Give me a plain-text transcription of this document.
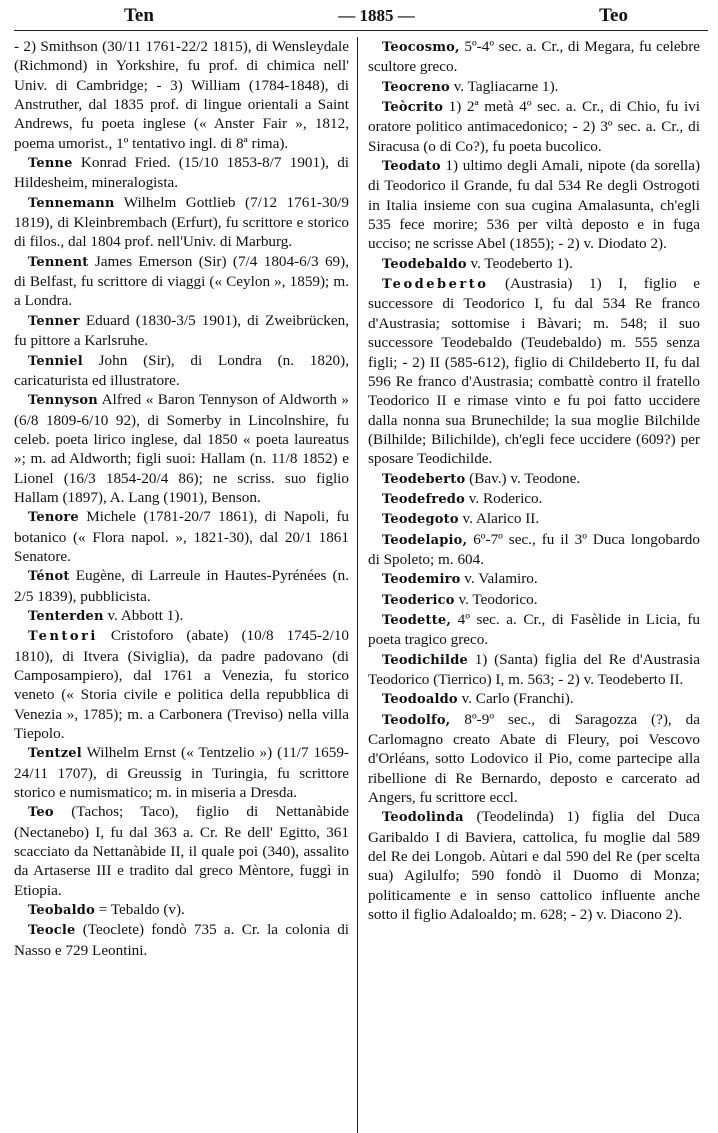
Ten	— 1885 —	Teo

- 2) Smithson (30/11 1761-22/2 1815), di Wensleydale (Richmond) in Yorkshire, fu prof. di chimica nell' Univ. di Cambridge; - 3) William (1784-1848), di Anstruther, dal 1835 prof. di lingue orientali a Saint Andrews, fu poeta inglese (« Anster Fair », 1812, poema umorist., 1º tentativo ingl. di 8ª rima).

Tenne Konrad Fried. (15/10 1853-8/7 1901), di Hildesheim, mineralogista.

Tennemann Wilhelm Gottlieb (7/12 1761-30/9 1819), di Kleinbrembach (Erfurt), fu scrittore e storico di filos., dal 1804 prof. nell'Univ. di Marburg.

Tennent James Emerson (Sir) (7/4 1804-6/3 69), di Belfast, fu scrittore di viaggi (« Ceylon », 1859); m. a Londra.

Tenner Eduard (1830-3/5 1901), di Zweibrücken, fu pittore a Karlsruhe.

Tenniel John (Sir), di Londra (n. 1820), caricaturista ed illustratore.

Tennyson Alfred « Baron Tennyson of Aldworth » (6/8 1809-6/10 92), di Somerby in Lincolnshire, fu celeb. poeta lirico inglese, dal 1850 « poeta laureatus »; m. ad Aldworth; figli suoi: Hallam (n. 11/8 1852) e Lionel (16/3 1854-20/4 86); ne scriss. suo figlio Hallam (1897), A. Lang (1901), Benson.

Tenore Michele (1781-20/7 1861), di Napoli, fu botanico (« Flora napol. », 1821-30), dal 20/1 1861 Senatore.

Ténot Eugène, di Larreule in Hautes-Pyrénées (n. 2/5 1839), pubblicista.

Tenterden v. Abbott 1).

Tentori Cristoforo (abate) (10/8 1745-2/10 1810), di Itvera (Siviglia), da padre padovano (di Camposampiero), dal 1761 a Venezia, fu storico veneto (« Storia civile e politica della repubblica di Venezia », 1785); m. a Carbonera (Treviso) nella villa Tiepolo.

Tentzel Wilhelm Ernst (« Tentzelio ») (11/7 1659-24/11 1707), di Greussig in Turingia, fu scrittore storico e numismatico; m. in miseria a Dresda.

Teo (Tachos; Taco), figlio di Nettanàbide (Nectanebo) I, fu dal 363 a. Cr. Re dell' Egitto, 361 scacciato da Nettanàbide II, il quale poi (340), assalito da Artaserse III e tradito dal greco Mèntore, fuggì in Etiopia.

Teobaldo = Tebaldo (v).

Teocle (Teoclete) fondò 735 a. Cr. la colonia di Nasso e 729 Leontini.

Teocosmo, 5º-4º sec. a. Cr., di Megara, fu celebre scultore greco.

Teocreno v. Tagliacarne 1).

Teòcrito 1) 2ª metà 4º sec. a. Cr., di Chio, fu ivi oratore politico antimacedonico; - 2) 3º sec. a. Cr., di Siracusa (o di Co?), fu poeta bucolico.

Teodato 1) ultimo degli Amali, nipote (da sorella) di Teodorico il Grande, fu dal 534 Re degli Ostrogoti in Italia insieme con sua cugina Amalasunta, ch'egli 535 fece morire; 536 per viltà deposto e in fuga ucciso; ne scrisse Abel (1855); - 2) v. Diodato 2).

Teodebaldo v. Teodeberto 1).

Teodeberto (Austrasia) 1) I, figlio e successore di Teodorico I, fu dal 534 Re franco d'Austrasia; sottomise i Bàvari; m. 548; il suo successore Teodebaldo (Teudebaldo) m. 555 senza figli; - 2) II (585-612), figlio di Childeberto II, fu dal 596 Re franco d'Austrasia; combattè contro il fratello Teodorico II e rimase vinto e fu poi fatto uccidere dalla nonna sua Brunechilde; la sua moglie Bilchilde (Bilhilde; Bilichilde), ch'egli fece uccidere (609?) per sposare Teodichilde.

Teodeberto (Bav.) v. Teodone.

Teodefredo v. Roderico.

Teodegoto v. Alarico II.

Teodelapio, 6º-7º sec., fu il 3º Duca longobardo di Spoleto; m. 604.

Teodemiro v. Valamiro.

Teoderico v. Teodorico.

Teodette, 4º sec. a. Cr., di Fasèlide in Licia, fu poeta tragico greco.

Teodichilde 1) (Santa) figlia del Re d'Austrasia Teodorico (Tierrico) I, m. 563; - 2) v. Teodeberto II.

Teodoaldo v. Carlo (Franchi).

Teodolfo, 8º-9º sec., di Saragozza (?), da Carlomagno creato Abate di Fleury, poi Vescovo d'Orléans, sotto Lodovico il Pio, come partecipe alla ribellione di Re Bernardo, deposto e carcerato ad Angers, fu scrittore eccl.

Teodolinda (Teodelinda) 1) figlia del Duca Garibaldo I di Baviera, cattolica, fu moglie dal 589 del Re dei Longob. Aùtari e dal 590 del Re (per scelta sua) Agilulfo; 590 fondò il Duomo di Monza; politicamente e in senso cattolico influente anche sotto il figlio Adaloaldo; m. 628; - 2) v. Diacono 2).
